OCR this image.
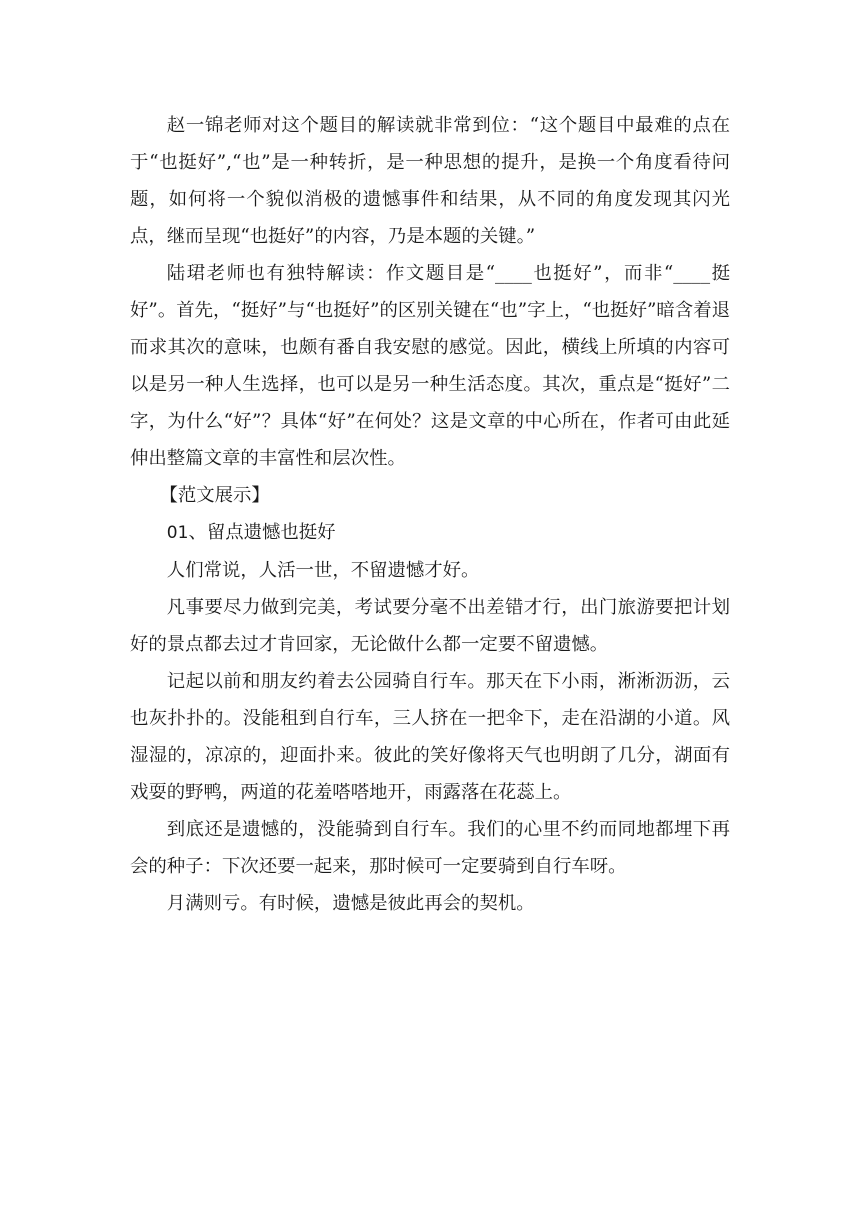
赵一锦老师对这个题目的解读就非常到位：“这个题目中最难的点在于“也挺好”,“也”是一种转折，是一种思想的提升，是换一个角度看待问题，如何将一个貌似消极的遗憾事件和结果，从不同的角度发现其闪光点，继而呈现“也挺好”的内容，乃是本题的关键。”

陆珺老师也有独特解读：作文题目是“____也挺好”，而非“____挺好”。首先，“挺好”与“也挺好”的区别关键在“也”字上，“也挺好”暗含着退而求其次的意味，也颇有番自我安慰的感觉。因此，横线上所填的内容可以是另一种人生选择，也可以是另一种生活态度。其次，重点是“挺好”二字，为什么“好”？具体“好”在何处？这是文章的中心所在，作者可由此延伸出整篇文章的丰富性和层次性。

【范文展示】

01、留点遗憾也挺好

人们常说，人活一世，不留遗憾才好。

凡事要尽力做到完美，考试要分毫不出差错才行，出门旅游要把计划好的景点都去过才肯回家，无论做什么都一定要不留遗憾。

记起以前和朋友约着去公园骑自行车。那天在下小雨，淅淅沥沥，云也灰扑扑的。没能租到自行车，三人挤在一把伞下，走在沿湖的小道。风湿湿的，凉凉的，迎面扑来。彼此的笑好像将天气也明朗了几分，湖面有戏耍的野鸭，两道的花羞嗒嗒地开，雨露落在花蕊上。

到底还是遗憾的，没能骑到自行车。我们的心里不约而同地都埋下再会的种子：下次还要一起来，那时候可一定要骑到自行车呀。

月满则亏。有时候，遗憾是彼此再会的契机。
